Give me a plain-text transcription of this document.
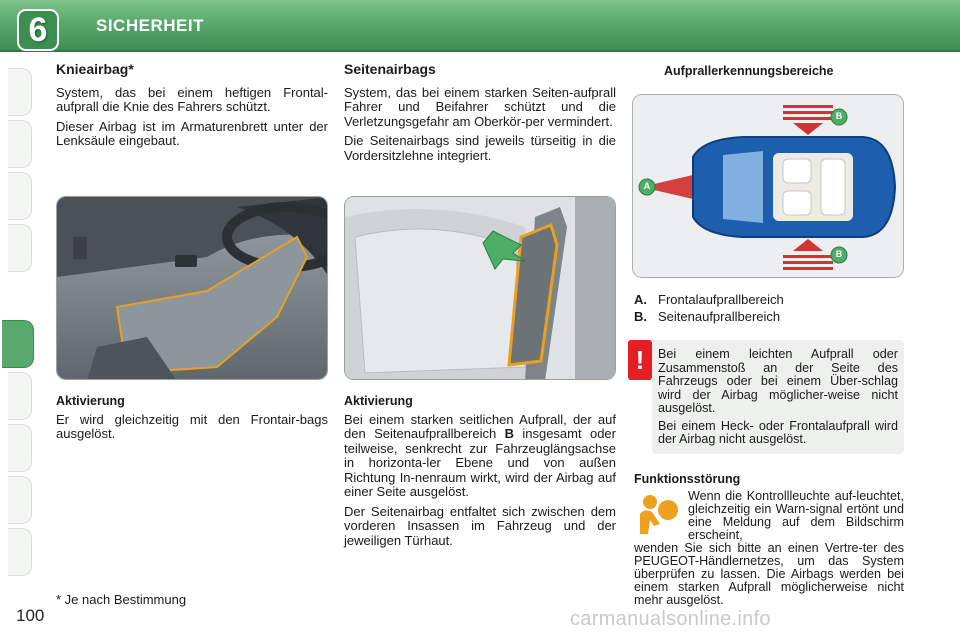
6	SICHERHEIT
Knieairbag*

System, das bei einem heftigen Frontal-aufprall die Knie des Fahrers schützt.

Dieser Airbag ist im Armaturenbrett unter der Lenksäule eingebaut.

Aktivierung

Er wird gleichzeitig mit den Frontair-bags ausgelöst.

Seitenairbags

System, das bei einem starken Seiten-aufprall Fahrer und Beifahrer schützt und die Verletzungsgefahr am Oberkör-per vermindert.

Die Seitenairbags sind jeweils türseitig in die Vordersitzlehne integriert.

Aktivierung

Bei einem starken seitlichen Aufprall, der auf den Seitenaufprallbereich B insgesamt oder teilweise, senkrecht zur Fahrzeuglängsachse in horizonta-ler Ebene und von außen Richtung In-nenraum wirkt, wird der Airbag auf einer Seite ausgelöst.

Der Seitenairbag entfaltet sich zwischen dem vorderen Insassen im Fahrzeug und der jeweiligen Türhaut.

Aufprallerkennungsbereiche
A
B
B
A. Frontalaufprallbereich
B. Seitenaufprallbereich
!	Bei einem leichten Aufprall oder Zusammenstoß an der Seite des Fahrzeugs oder bei einem Über-schlag wird der Airbag möglicher-weise nicht ausgelöst.

Bei einem Heck- oder Frontalaufprall wird der Airbag nicht ausgelöst.

Funktionsstörung
Wenn die Kontrollleuchte auf-leuchtet, gleichzeitig ein Warn-signal ertönt und eine Meldung auf dem Bildschirm erscheint,
wenden Sie sich bitte an einen Vertre-ter des PEUGEOT-Händlernetzes, um das System überprüfen zu lassen. Die Airbags werden bei einem starken Aufprall möglicherweise nicht mehr ausgelöst.
* Je nach Bestimmung
100	carmanualsonline.info
